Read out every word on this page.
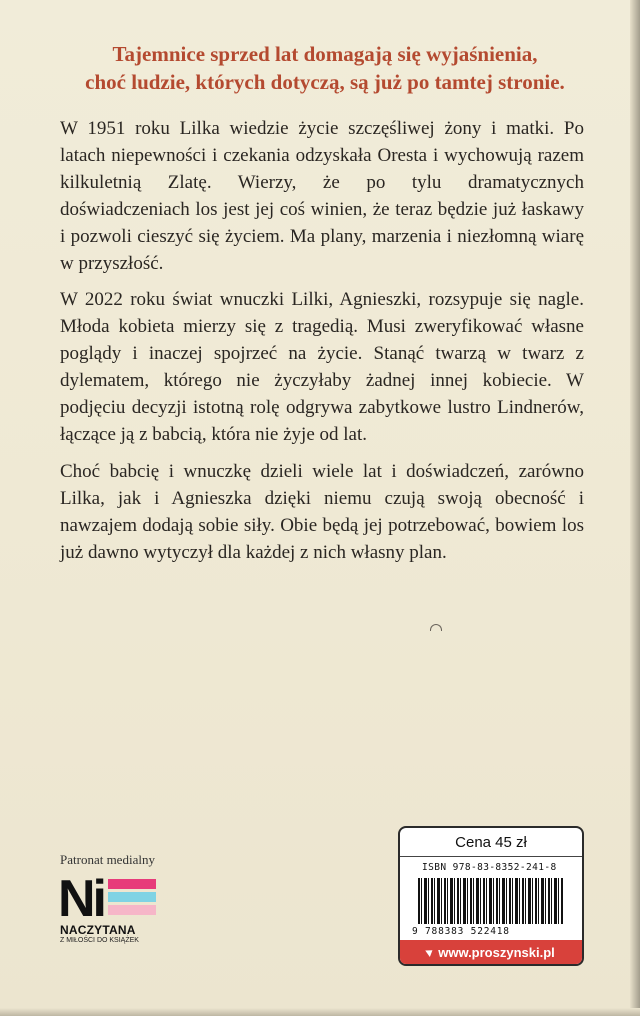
Tajemnice sprzed lat domagają się wyjaśnienia,
choć ludzie, których dotyczą, są już po tamtej stronie.

W 1951 roku Lilka wiedzie życie szczęśliwej żony i matki. Po latach niepewności i czekania odzyskała Oresta i wychowują razem kilkuletnią Zlatę. Wierzy, że po tylu dramatycznych doświadczeniach los jest jej coś winien, że teraz będzie już łaskawy i pozwoli cieszyć się życiem. Ma plany, marzenia i niezłomną wiarę w przyszłość.

W 2022 roku świat wnuczki Lilki, Agnieszki, rozsypuje się nagle. Młoda kobieta mierzy się z tragedią. Musi zweryfikować własne poglądy i inaczej spojrzeć na życie. Stanąć twarzą w twarz z dylematem, którego nie życzyłaby żadnej innej kobiecie. W podjęciu decyzji istotną rolę odgrywa zabytkowe lustro Lindnerów, łączące ją z babcią, która nie żyje od lat.

Choć babcię i wnuczkę dzieli wiele lat i doświadczeń, zarówno Lilka, jak i Agnieszka dzięki niemu czują swoją obecność i nawzajem dodają sobie siły. Obie będą jej potrzebować, bowiem los już dawno wytyczył dla każdej z nich własny plan.

Patronat medialny
Ni
NACZYTANA
Z MIŁOŚCI DO KSIĄŻEK
Cena 45 zł
ISBN 978-83-8352-241-8
9 788383 522418
www.proszynski.pl
